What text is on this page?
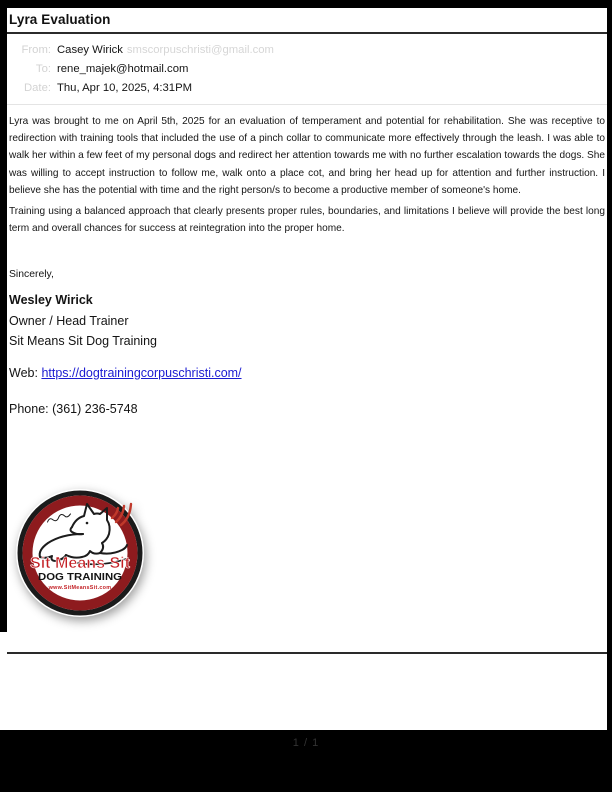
Lyra Evaluation
From: Casey Wirick smscorpuschristi@gmail.com
To: rene_majek@hotmail.com
Date: Thu, Apr 10, 2025, 4:31PM

Lyra was brought to me on April 5th, 2025 for an evaluation of temperament and potential for rehabilitation. She was receptive to redirection with training tools that included the use of a pinch collar to communicate more effectively through the leash. I was able to walk her within a few feet of my personal dogs and redirect her attention towards me with no further escalation towards the dogs. She was willing to accept instruction to follow me, walk onto a place cot, and bring her head up for attention and further instruction. I believe she has the potential with time and the right person/s to become a productive member of someone's home.

Training using a balanced approach that clearly presents proper rules, boundaries, and limitations I believe will provide the best long term and overall chances for success at reintegration into the proper home.

Sincerely,
Wesley Wirick
Owner / Head Trainer
Sit Means Sit Dog Training
Web: https://dogtrainingcorpuschristi.com/
Phone: (361) 236-5748
Sit Means Sit
DOG TRAINING
www.SitMeansSit.com
1 / 1
